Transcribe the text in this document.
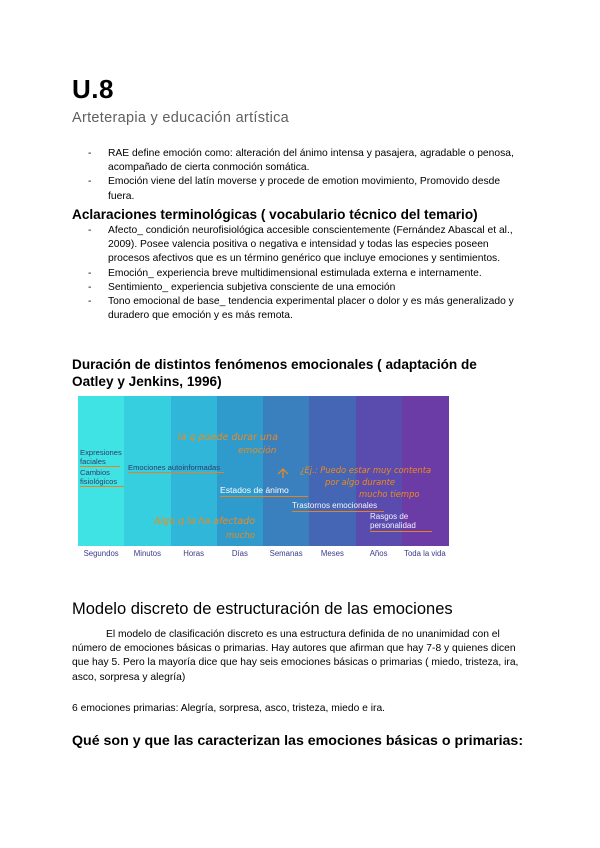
U.8
Arteterapia y educación artística
- RAE define emoción como: alteración del ánimo intensa y pasajera, agradable o penosa, acompañado de cierta conmoción somática.
- Emoción viene del latín moverse y procede de emotion movimiento, Promovido desde fuera.
Aclaraciones terminológicas ( vocabulario técnico del temario)
- Afecto_ condición neurofisiológica accesible conscientemente (Fernández Abascal et al., 2009). Posee valencia positiva o negativa e intensidad y todas las especies poseen procesos afectivos que es un término genérico que incluye emociones y sentimientos.
- Emoción_ experiencia breve multidimensional estimulada externa e internamente.
- Sentimiento_ experiencia subjetiva consciente de una emoción
- Tono emocional de base_ tendencia experimental placer o dolor y es más generalizado y duradero que emoción y es más remota.
Duración de distintos fenómenos emocionales ( adaptación de Oatley y Jenkins, 1996)
Expresiones
faciales
Cambios
fisiológicos
Emociones autoinformadas
Estados de ánimo
Trastornos emocionales
Rasgos de
personalidad
la q puede durar una
emoción
¿Ej.: Puedo estar muy contenta
por algo durante
mucho tiempo
Algo q la ha afectado
mucho
Segundos Minutos	Horas	Días	Semanas Meses	Años Toda la vida
Modelo discreto de estructuración de las emociones
El modelo de clasificación discreto es una estructura definida de no unanimidad con el número de emociones básicas o primarias. Hay autores que afirman que hay 7-8 y quienes dicen que hay 5. Pero la mayoría dice que hay seis emociones básicas o primarias ( miedo, tristeza, ira, asco, sorpresa y alegría)
6 emociones primarias: Alegría, sorpresa, asco, tristeza, miedo e ira.
Qué son y que las caracterizan las emociones básicas o primarias:
